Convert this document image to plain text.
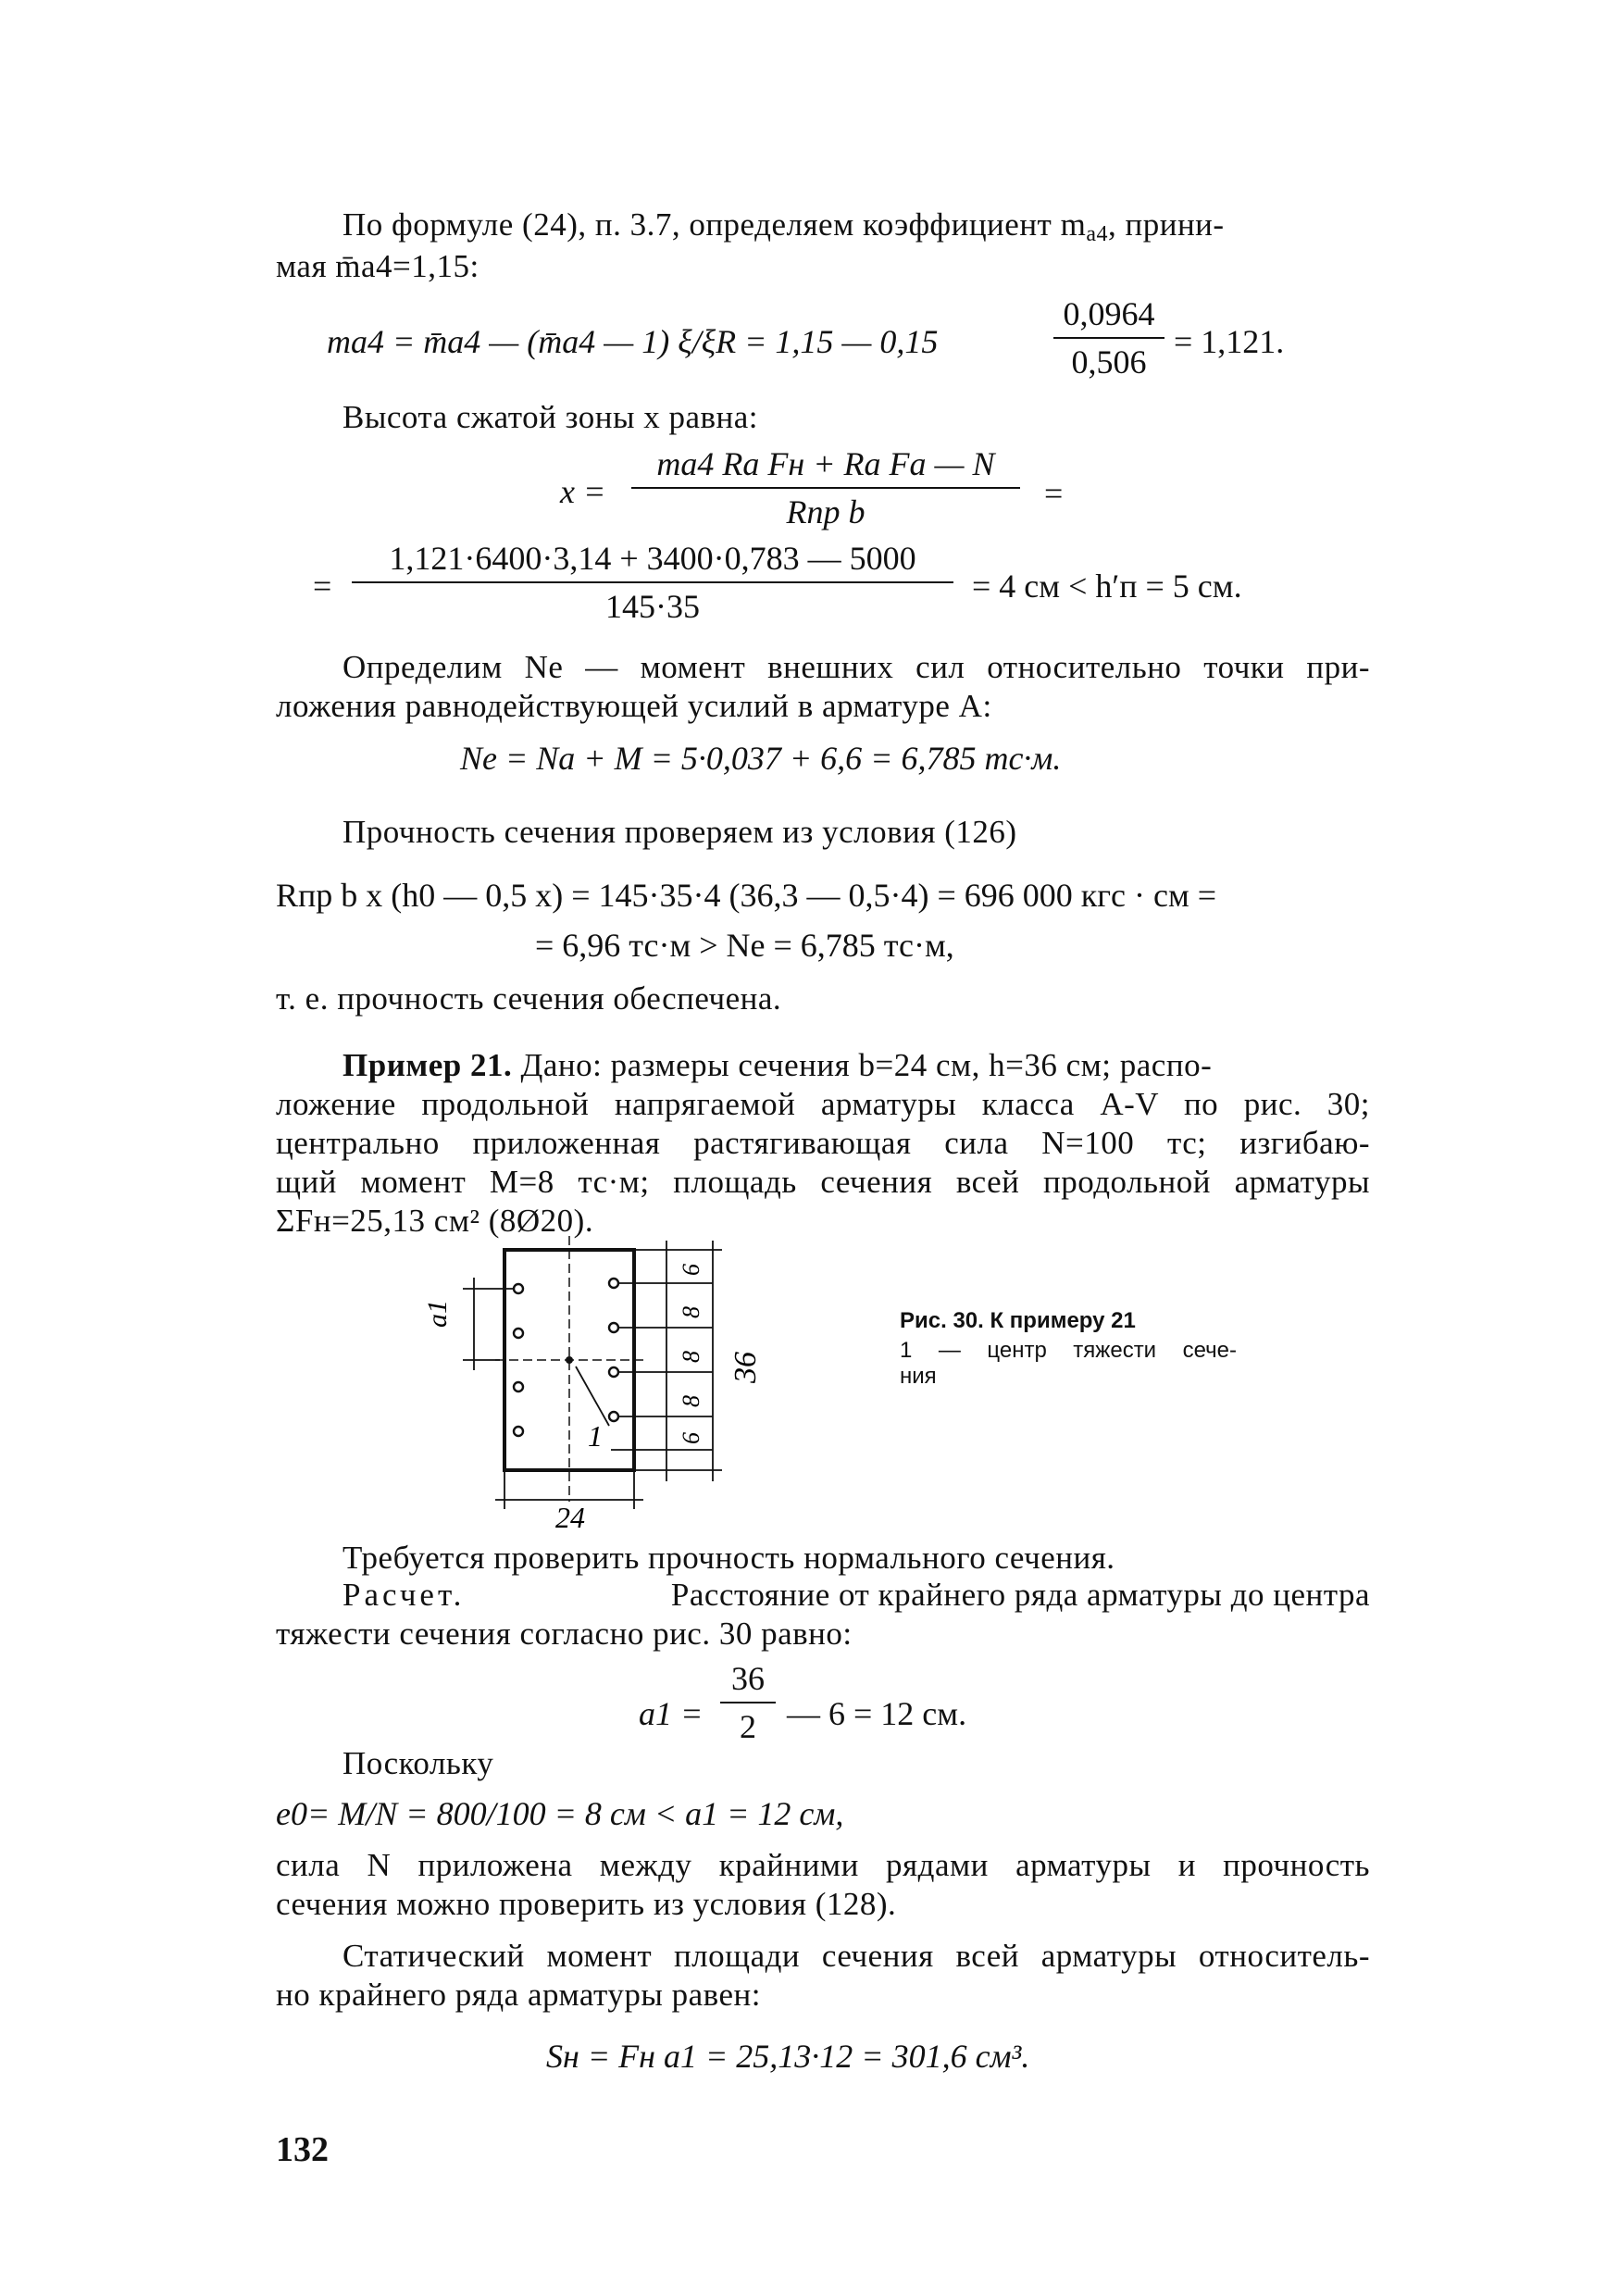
По формуле (24), п. 3.7, определяем коэффициент mа4, прини-
мая m̄а4=1,15:
mа4 = m̄а4 — (m̄а4 — 1) ξ/ξR = 1,15 — 0,15
0,0964
0,506
= 1,121.
Высота сжатой зоны x равна:
x =
mа4 Rа Fн + Rа Fа — N
Rпр b	=
=
1,121·6400·3,14 + 3400·0,783 — 5000
145·35
= 4 см < h′п = 5 см.
Определим Ne — момент внешних сил относительно точки при-
ложения равнодействующей усилий в арматуре A:
Ne = Na + M = 5·0,037 + 6,6 = 6,785 тс·м.
Прочность сечения проверяем из условия (126)
Rпр b x (h0 — 0,5 x) = 145·35·4 (36,3 — 0,5·4) = 696 000 кгс · см =
= 6,96 тс·м > Ne = 6,785 тс·м,
т. е. прочность сечения обеспечена.
Пример 21. Дано: размеры сечения b=24 см, h=36 см; распо-
ложение продольной напрягаемой арматуры класса А-V по рис. 30;
центрально приложенная растягивающая сила N=100 тс; изгибаю-
щий момент M=8 тс·м; площадь сечения всей продольной арматуры
ΣFн=25,13 см² (8Ø20).
a1
1
24
36
6
8
8
8
6
Рис. 30. К примеру 21
1 — центр тяжести сече-
ния
Требуется проверить прочность нормального сечения.
Расчет.	Расстояние от крайнего ряда арматуры до центра
тяжести сечения согласно рис. 30 равно:
a1 =
36
2 — 6 = 12 см.
Поскольку
e0= M/N = 800/100 = 8 см < a1 = 12 см,
сила N приложена между крайними рядами арматуры и прочность
сечения можно проверить из условия (128).
Статический момент площади сечения всей арматуры относитель-
но крайнего ряда арматуры равен:
Sн = Fн a1 = 25,13·12 = 301,6 см³.
132
